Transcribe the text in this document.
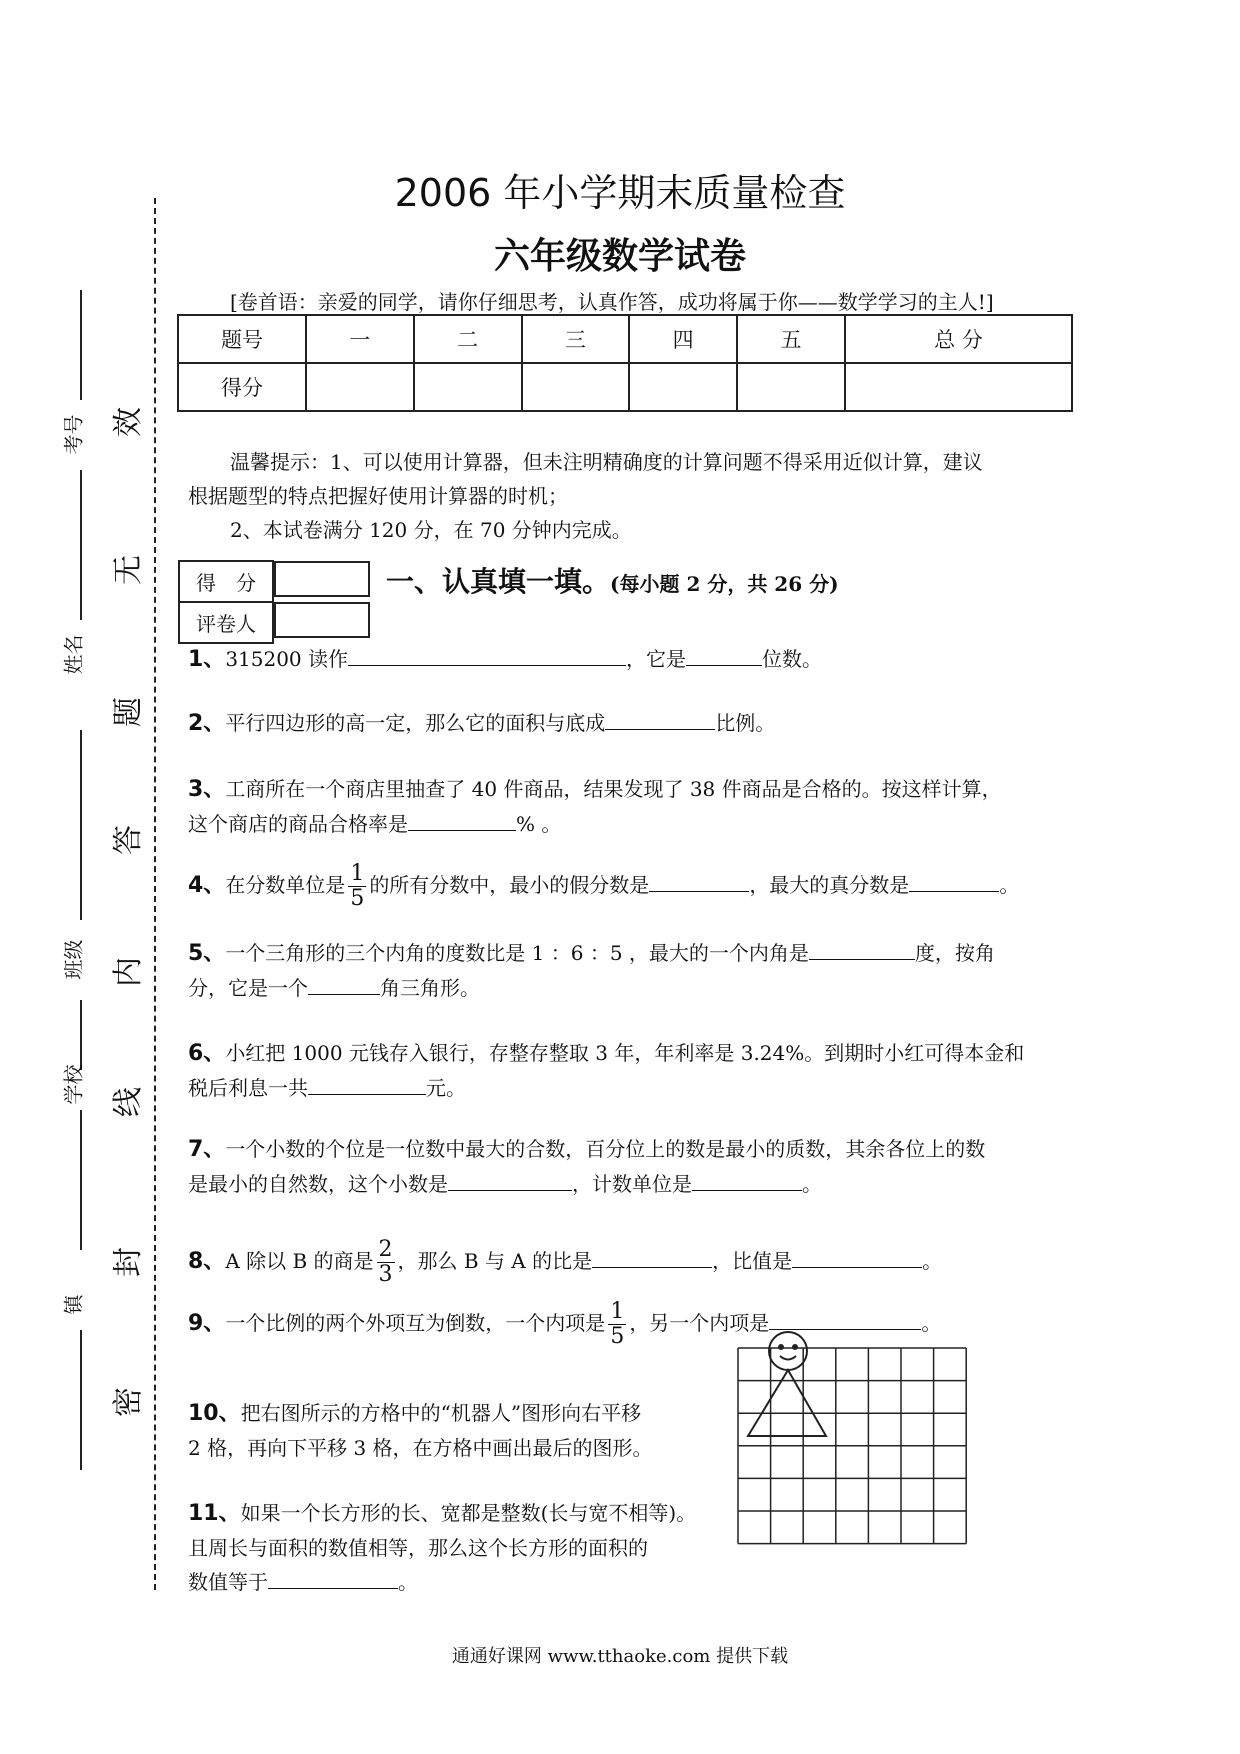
效
无
题
答
内
线
封
密
考号
姓名
班级
学校
镇
2006 年小学期末质量检查
六年级数学试卷
[卷首语：亲爱的同学，请你仔细思考，认真作答，成功将属于你——数学学习的主人!]
题号	一	二	三	四	五	总 分
得分						
温馨提示：1、可以使用计算器，但未注明精确度的计算问题不得采用近似计算，建议
根据题型的特点把握好使用计算器的时机；
2、本试卷满分 120 分，在 70 分钟内完成。
得　分	
评卷人	
一、认真填一填。(每小题 2 分，共 26 分)
1、315200 读作	，它是	位数。
2、平行四边形的高一定，那么它的面积与底成	比例。
3、工商所在一个商店里抽查了 40 件商品，结果发现了 38 件商品是合格的。按这样计算，
这个商店的商品合格率是	% 。
4、在分数单位是 $\frac{1}{5}$ 的所有分数中，最小的假分数是	，最大的真分数是	。
5、一个三角形的三个内角的度数比是 1 ：6 ：5 ，最大的一个内角是	度，按角
分，它是一个	角三角形。
6、小红把 1000 元钱存入银行，存整存整取 3 年，年利率是 3.24%。到期时小红可得本金和
税后利息一共	元。
7、一个小数的个位是一位数中最大的合数，百分位上的数是最小的质数，其余各位上的数
是最小的自然数，这个小数是	，计数单位是	。
8、A 除以 B 的商是 $\frac{2}{3}$ ，那么 B 与 A 的比是	，比值是	。
9、一个比例的两个外项互为倒数，一个内项是 $\frac{1}{5}$ ，另一个内项是	。
10、把右图所示的方格中的“机器人”图形向右平移
2 格，再向下平移 3 格，在方格中画出最后的图形。
11、如果一个长方形的长、宽都是整数(长与宽不相等)。
且周长与面积的数值相等，那么这个长方形的面积的
数值等于	。
通通好课网 www.tthaoke.com 提供下载
